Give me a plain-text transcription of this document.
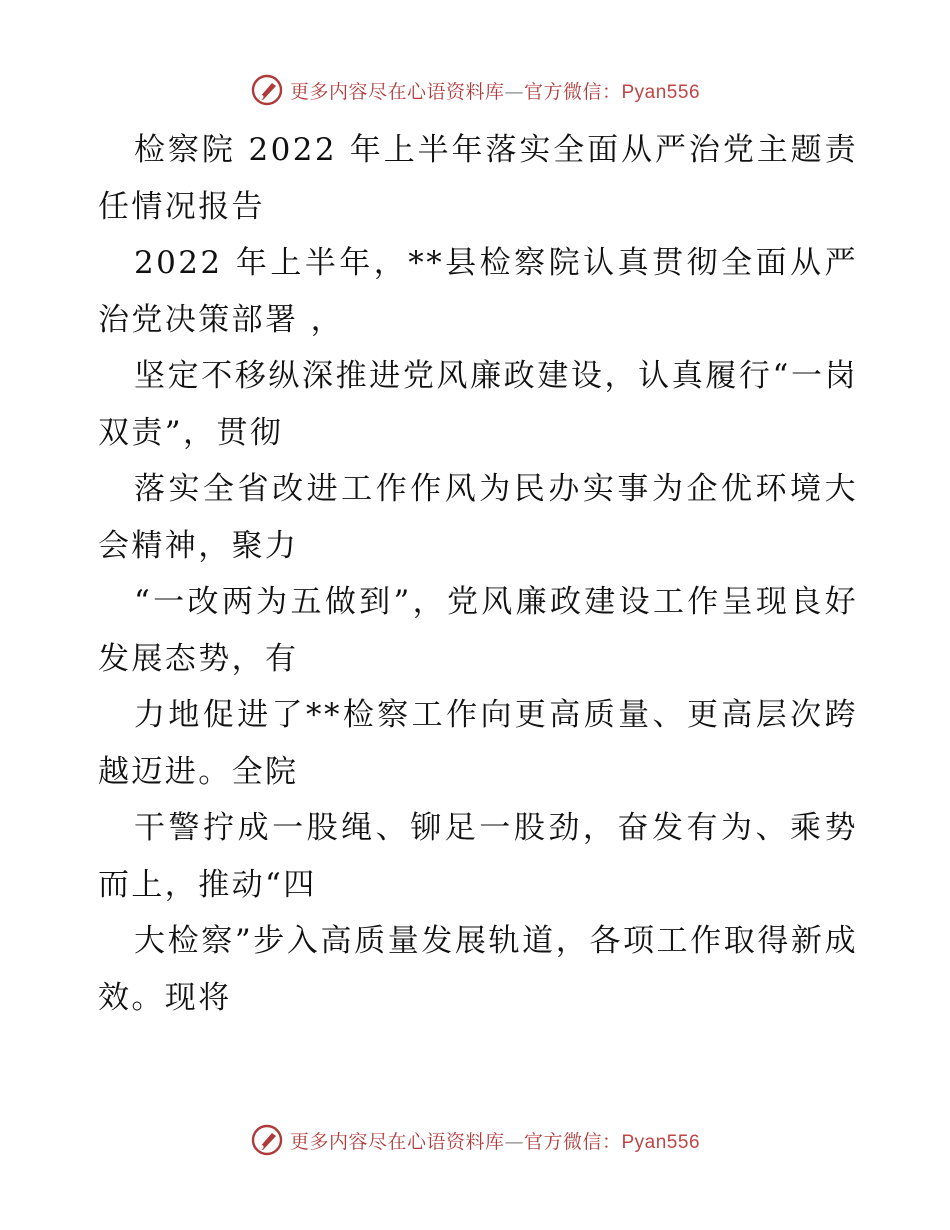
更多内容尽在心语资料库—官方微信：Pyan556

检察院 2022 年上半年落实全面从严治党主题责任情况报告

2022 年上半年，**县检察院认真贯彻全面从严治党决策部署 ，

坚定不移纵深推进党风廉政建设，认真履行“一岗双责”，贯彻

落实全省改进工作作风为民办实事为企优环境大会精神，聚力

“一改两为五做到”，党风廉政建设工作呈现良好发展态势，有

力地促进了**检察工作向更高质量、更高层次跨越迈进。全院

干警拧成一股绳、铆足一股劲，奋发有为、乘势而上，推动“四

大检察”步入高质量发展轨道，各项工作取得新成效。现将

更多内容尽在心语资料库—官方微信：Pyan556
